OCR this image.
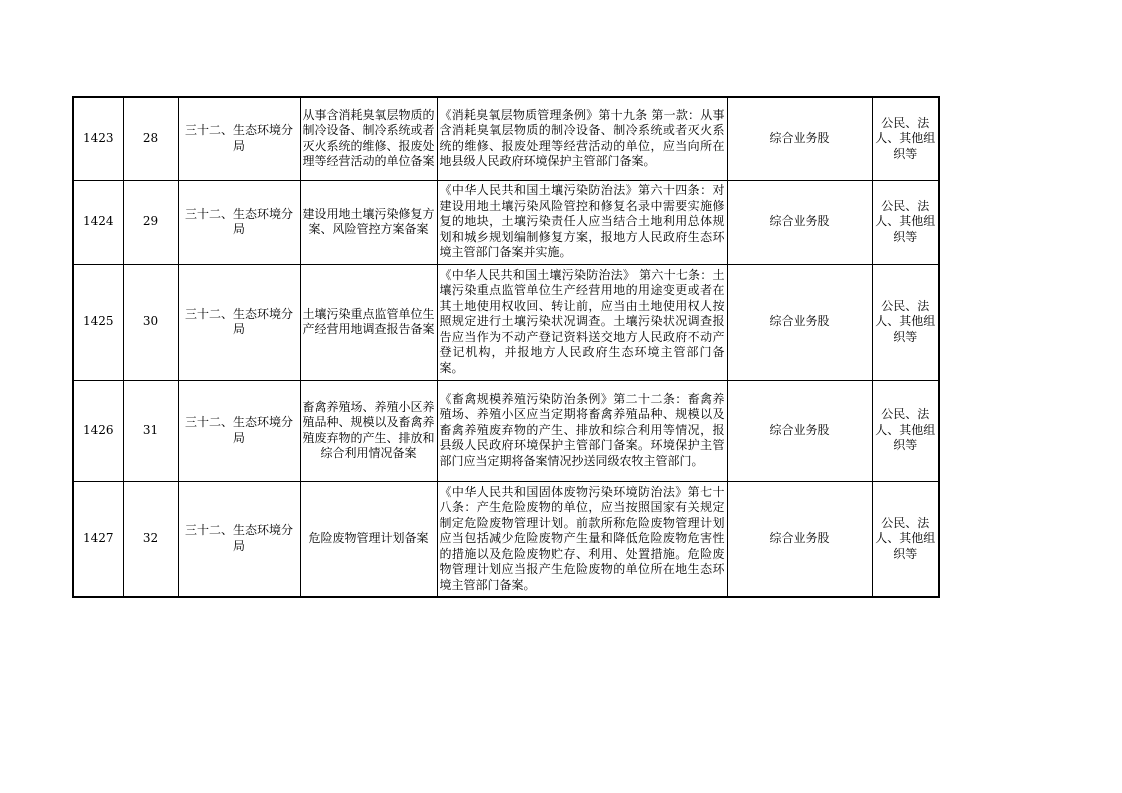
1423	28	三十二、生态环境分局	从事含消耗臭氧层物质的制冷设备、制冷系统或者灭火系统的维修、报废处理等经营活动的单位备案	《消耗臭氧层物质管理条例》第十九条 第一款：从事含消耗臭氧层物质的制冷设备、制冷系统或者灭火系统的维修、报废处理等经营活动的单位，应当向所在地县级人民政府环境保护主管部门备案。	综合业务股	公民、法人、其他组织等
1424	29	三十二、生态环境分局	建设用地土壤污染修复方案、风险管控方案备案	《中华人民共和国土壤污染防治法》第六十四条：对建设用地土壤污染风险管控和修复名录中需要实施修复的地块，土壤污染责任人应当结合土地利用总体规划和城乡规划编制修复方案，报地方人民政府生态环境主管部门备案并实施。	综合业务股	公民、法人、其他组织等
1425	30	三十二、生态环境分局	土壤污染重点监管单位生产经营用地调查报告备案	《中华人民共和国土壤污染防治法》 第六十七条：土壤污染重点监管单位生产经营用地的用途变更或者在其土地使用权收回、转让前，应当由土地使用权人按照规定进行土壤污染状况调查。土壤污染状况调查报告应当作为不动产登记资料送交地方人民政府不动产登记机构，并报地方人民政府生态环境主管部门备案。	综合业务股	公民、法人、其他组织等
1426	31	三十二、生态环境分局	畜禽养殖场、养殖小区养殖品种、规模以及畜禽养殖废弃物的产生、排放和综合利用情况备案	《畜禽规模养殖污染防治条例》第二十二条：畜禽养殖场、养殖小区应当定期将畜禽养殖品种、规模以及畜禽养殖废弃物的产生、排放和综合利用等情况，报县级人民政府环境保护主管部门备案。环境保护主管部门应当定期将备案情况抄送同级农牧主管部门。	综合业务股	公民、法人、其他组织等
1427	32	三十二、生态环境分局	危险废物管理计划备案	《中华人民共和国固体废物污染环境防治法》第七十八条：产生危险废物的单位，应当按照国家有关规定制定危险废物管理计划。前款所称危险废物管理计划应当包括减少危险废物产生量和降低危险废物危害性的措施以及危险废物贮存、利用、处置措施。危险废物管理计划应当报产生危险废物的单位所在地生态环境主管部门备案。	综合业务股	公民、法人、其他组织等
